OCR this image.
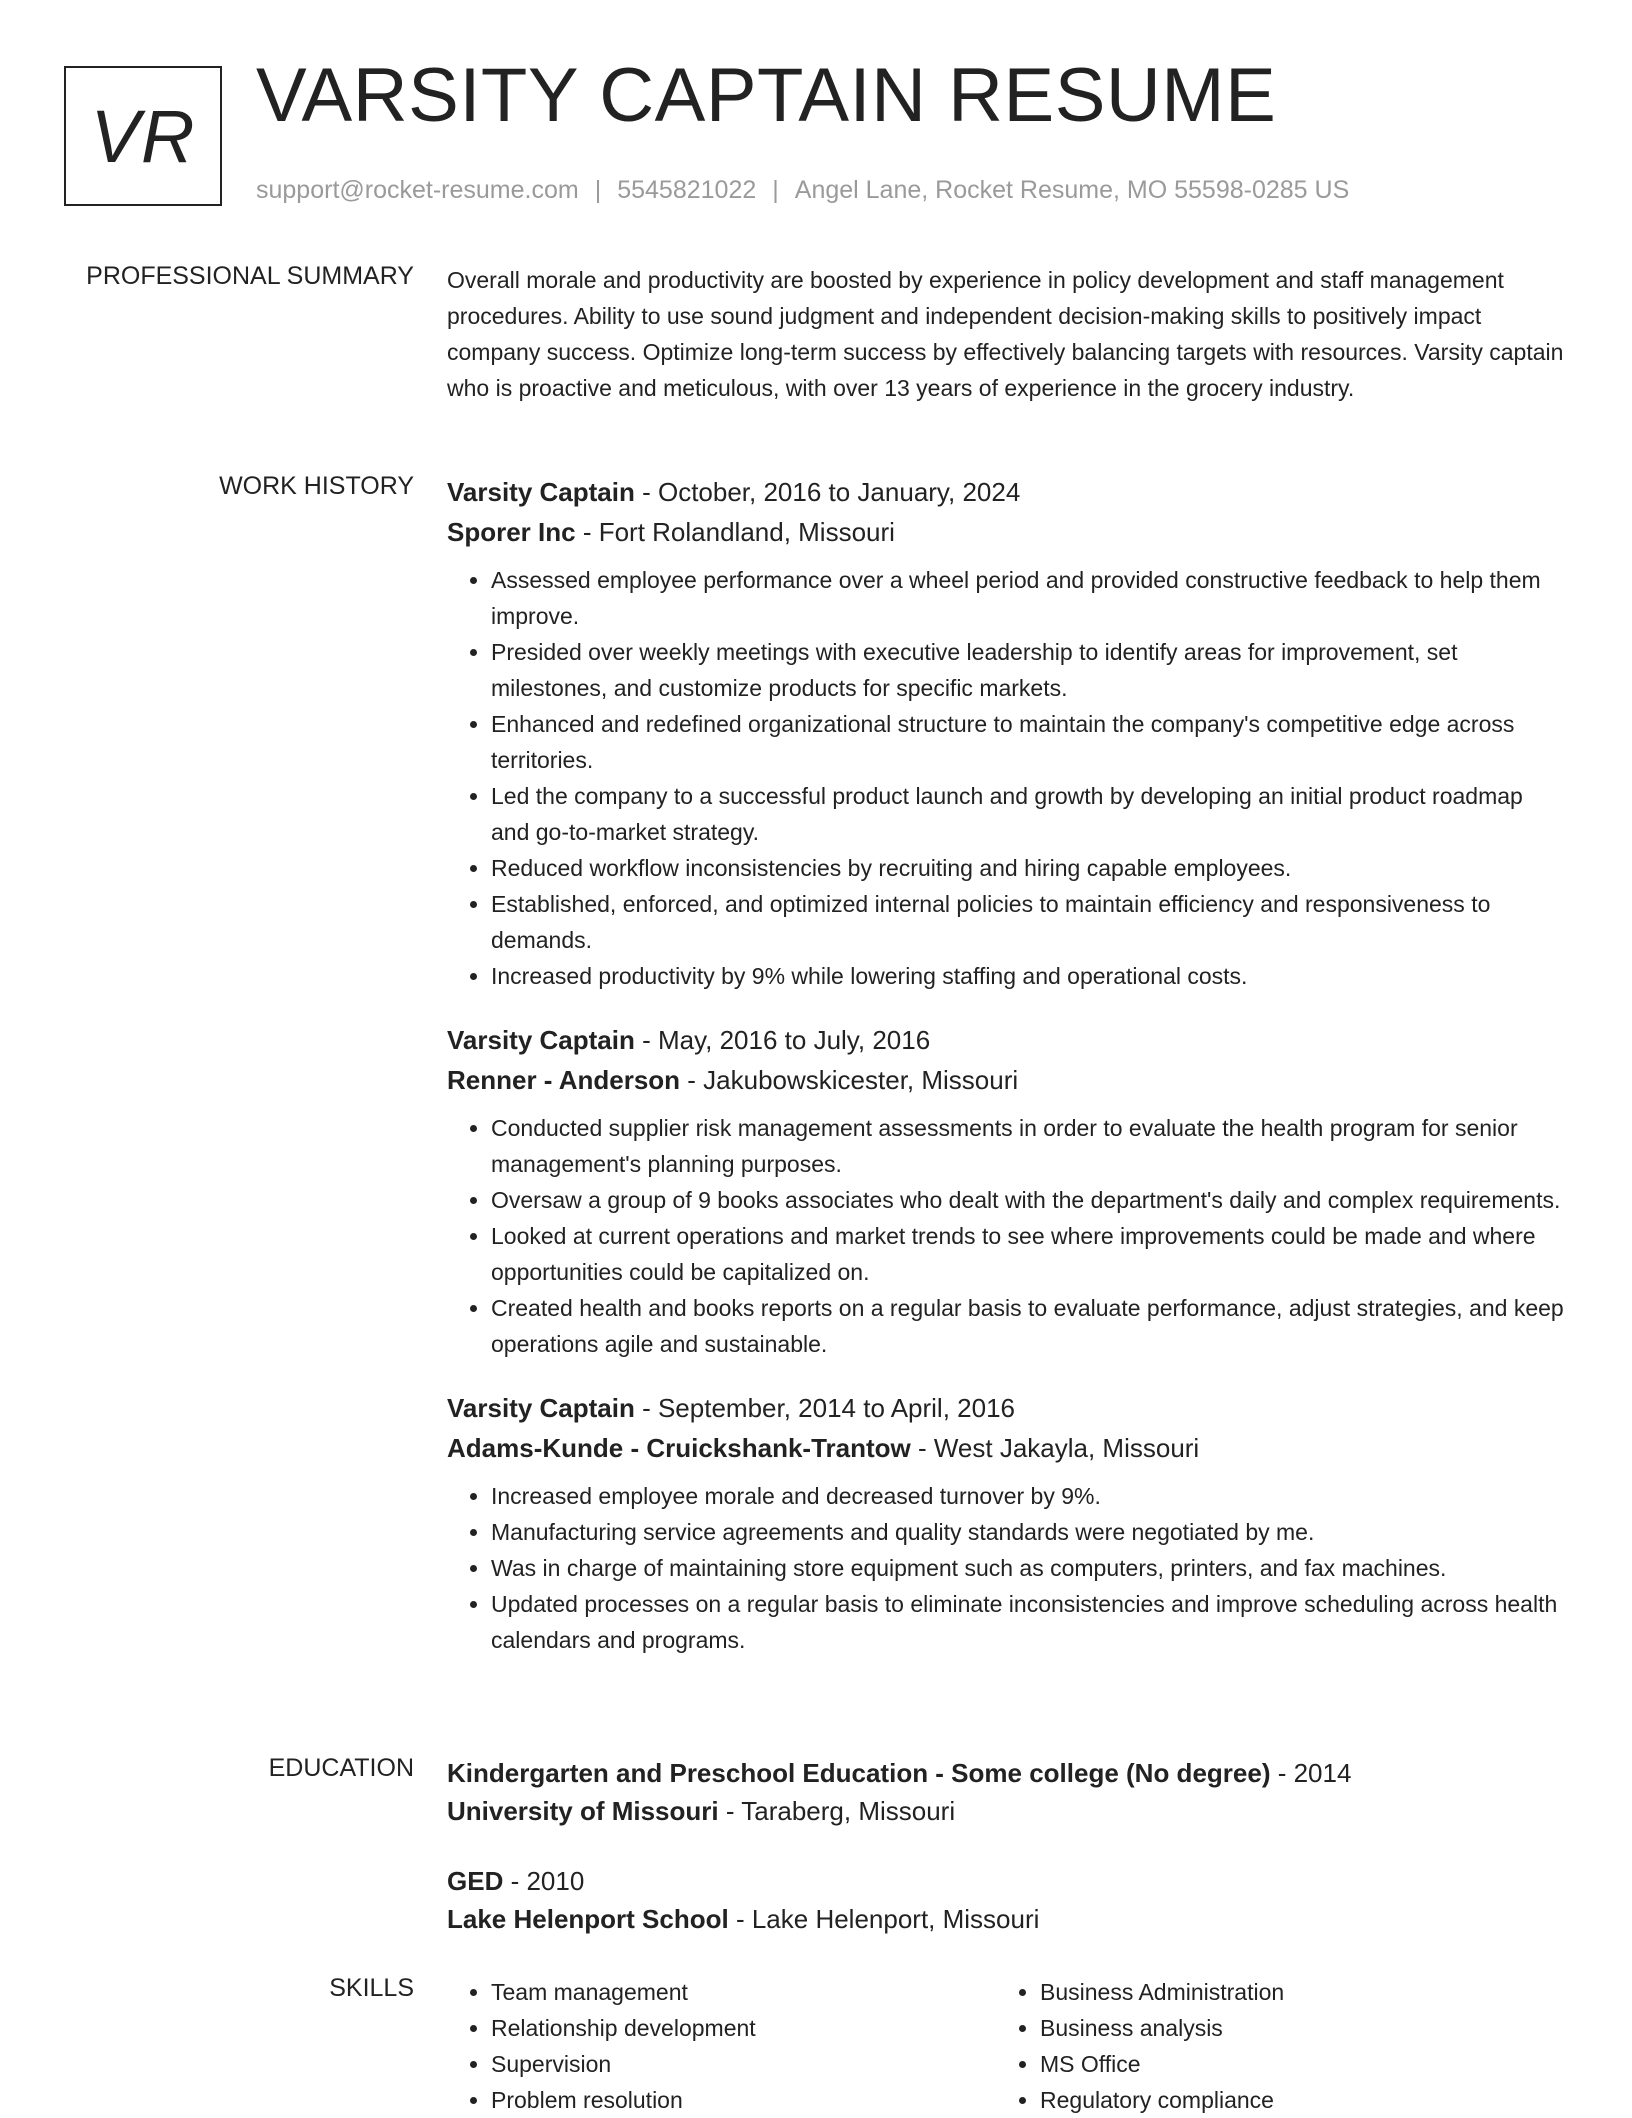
VR VARSITY CAPTAIN RESUME
support@rocket-resume.com | 5545821022 | Angel Lane, Rocket Resume, MO 55598-0285 US
PROFESSIONAL SUMMARY Overall morale and productivity are boosted by experience in policy development and staff management procedures. Ability to use sound judgment and independent decision-making skills to positively impact company success. Optimize long-term success by effectively balancing targets with resources. Varsity captain who is proactive and meticulous, with over 13 years of experience in the grocery industry.

WORK HISTORY Varsity Captain - October, 2016 to January, 2024
Sporer Inc - Fort Rolandland, Missouri
• Assessed employee performance over a wheel period and provided constructive feedback to help them improve.
• Presided over weekly meetings with executive leadership to identify areas for improvement, set milestones, and customize products for specific markets.
• Enhanced and redefined organizational structure to maintain the company's competitive edge across territories.
• Led the company to a successful product launch and growth by developing an initial product roadmap and go-to-market strategy.
• Reduced workflow inconsistencies by recruiting and hiring capable employees.
• Established, enforced, and optimized internal policies to maintain efficiency and responsiveness to demands.
• Increased productivity by 9% while lowering staffing and operational costs.
Varsity Captain - May, 2016 to July, 2016
Renner - Anderson - Jakubowskicester, Missouri
• Conducted supplier risk management assessments in order to evaluate the health program for senior management's planning purposes.
• Oversaw a group of 9 books associates who dealt with the department's daily and complex requirements.
• Looked at current operations and market trends to see where improvements could be made and where opportunities could be capitalized on.
• Created health and books reports on a regular basis to evaluate performance, adjust strategies, and keep operations agile and sustainable.
Varsity Captain - September, 2014 to April, 2016
Adams-Kunde - Cruickshank-Trantow - West Jakayla, Missouri
• Increased employee morale and decreased turnover by 9%.
• Manufacturing service agreements and quality standards were negotiated by me.
• Was in charge of maintaining store equipment such as computers, printers, and fax machines.
• Updated processes on a regular basis to eliminate inconsistencies and improve scheduling across health calendars and programs.
EDUCATION Kindergarten and Preschool Education - Some college (No degree) - 2014
University of Missouri - Taraberg, Missouri
GED - 2010
Lake Helenport School - Lake Helenport, Missouri
SKILLS
•	Team management
• Relationship development
• Supervision
• Problem resolution
• Business Administration
• Business analysis
• MS Office
• Regulatory compliance
